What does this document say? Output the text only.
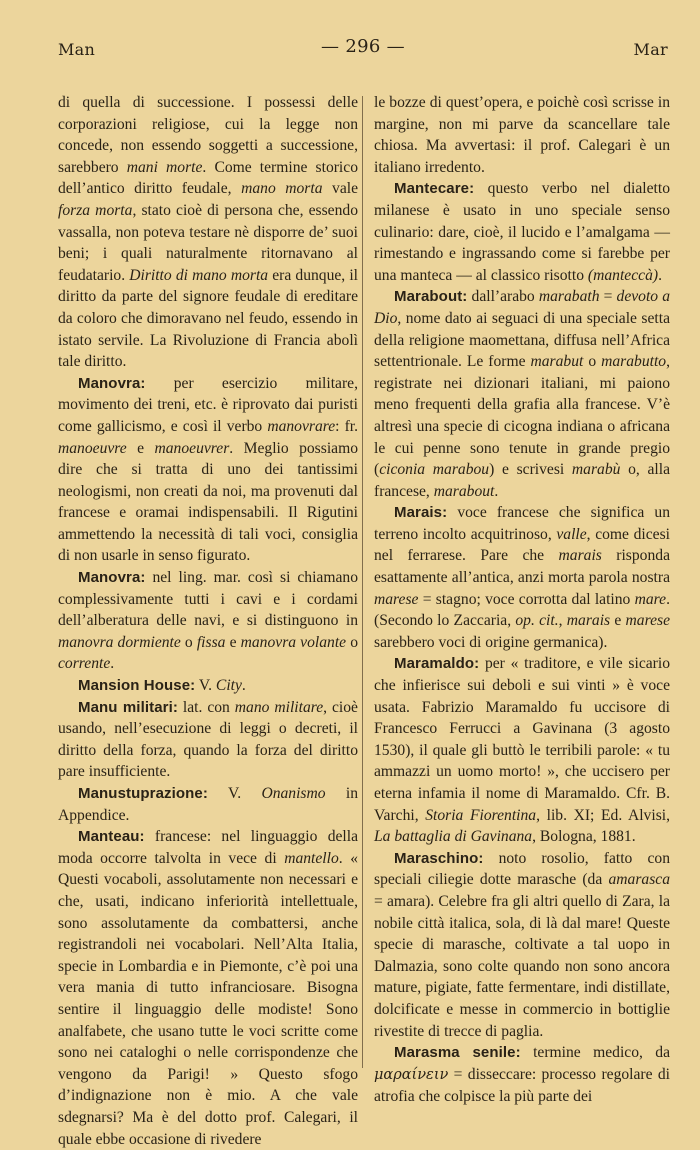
Man	— 296 —	Mar

di quella di successione. I possessi delle corporazioni religiose, cui la legge non concede, non essendo soggetti a successione, sarebbero mani morte. Come termine storico dell’antico diritto feudale, mano morta vale forza morta, stato cioè di persona che, essendo vassalla, non poteva testare nè disporre de’ suoi beni; i quali naturalmente ritornavano al feudatario. Diritto di mano morta era dunque, il diritto da parte del signore feudale di ereditare da coloro che dimoravano nel feudo, essendo in istato servile. La Rivoluzione di Francia abolì tale diritto.

Manovra: per esercizio militare, movimento dei treni, etc. è riprovato dai puristi come gallicismo, e così il verbo manovrare: fr. manoeuvre e manoeuvrer. Meglio possiamo dire che si tratta di uno dei tantissimi neologismi, non creati da noi, ma provenuti dal francese e oramai indispensabili. Il Rigutini ammettendo la necessità di tali voci, consiglia di non usarle in senso figurato.

Manovra: nel ling. mar. così si chiamano complessivamente tutti i cavi e i cordami dell’alberatura delle navi, e si distinguono in manovra dormiente o fissa e manovra volante o corrente.

Mansion House: V. City.

Manu militari: lat. con mano militare, cioè usando, nell’esecuzione di leggi o decreti, il diritto della forza, quando la forza del diritto pare insufficiente.

Manustuprazione: V. Onanismo in Appendice.

Manteau: francese: nel linguaggio della moda occorre talvolta in vece di mantello. « Questi vocaboli, assolutamente non necessari e che, usati, indicano inferiorità intellettuale, sono assolutamente da combattersi, anche registrandoli nei vocabolari. Nell’Alta Italia, specie in Lombardia e in Piemonte, c’è poi una vera mania di tutto infranciosare. Bisogna sentire il linguaggio delle modiste! Sono analfabete, che usano tutte le voci scritte come sono nei cataloghi o nelle corrispondenze che vengono da Parigi! » Questo sfogo d’indignazione non è mio. A che vale sdegnarsi? Ma è del dotto prof. Calegari, il quale ebbe occasione di rivedere

le bozze di quest’opera, e poichè così scrisse in margine, non mi parve da scancellare tale chiosa. Ma avvertasi: il prof. Calegari è un italiano irredento.

Mantecare: questo verbo nel dialetto milanese è usato in uno speciale senso culinario: dare, cioè, il lucido e l’amalgama — rimestando e ingrassando come si farebbe per una manteca — al classico risotto (manteccà).

Marabout: dall’arabo marabath = devoto a Dio, nome dato ai seguaci di una speciale setta della religione maomettana, diffusa nell’Africa settentrionale. Le forme marabut o marabutto, registrate nei dizionari italiani, mi paiono meno frequenti della grafia alla francese. V’è altresì una specie di cicogna indiana o africana le cui penne sono tenute in grande pregio (ciconia marabou) e scrivesi marabù o, alla francese, marabout.

Marais: voce francese che significa un terreno incolto acquitrinoso, valle, come dicesi nel ferrarese. Pare che marais risponda esattamente all’antica, anzi morta parola nostra marese = stagno; voce corrotta dal latino mare. (Secondo lo Zaccaria, op. cit., marais e marese sarebbero voci di origine germanica).

Maramaldo: per « traditore, e vile sicario che infierisce sui deboli e sui vinti » è voce usata. Fabrizio Maramaldo fu uccisore di Francesco Ferrucci a Gavinana (3 agosto 1530), il quale gli buttò le terribili parole: « tu ammazzi un uomo morto! », che uccisero per eterna infamia il nome di Maramaldo. Cfr. B. Varchi, Storia Fiorentina, lib. XI; Ed. Alvisi, La battaglia di Gavinana, Bologna, 1881.

Maraschino: noto rosolio, fatto con speciali ciliegie dotte marasche (da amarasca = amara). Celebre fra gli altri quello di Zara, la nobile città italica, sola, di là dal mare! Queste specie di marasche, coltivate a tal uopo in Dalmazia, sono colte quando non sono ancora mature, pigiate, fatte fermentare, indi distillate, dolcificate e messe in commercio in bottiglie rivestite di trecce di paglia.

Marasma senile: termine medico, da μαραίνειν = disseccare: processo regolare di atrofia che colpisce la più parte dei
